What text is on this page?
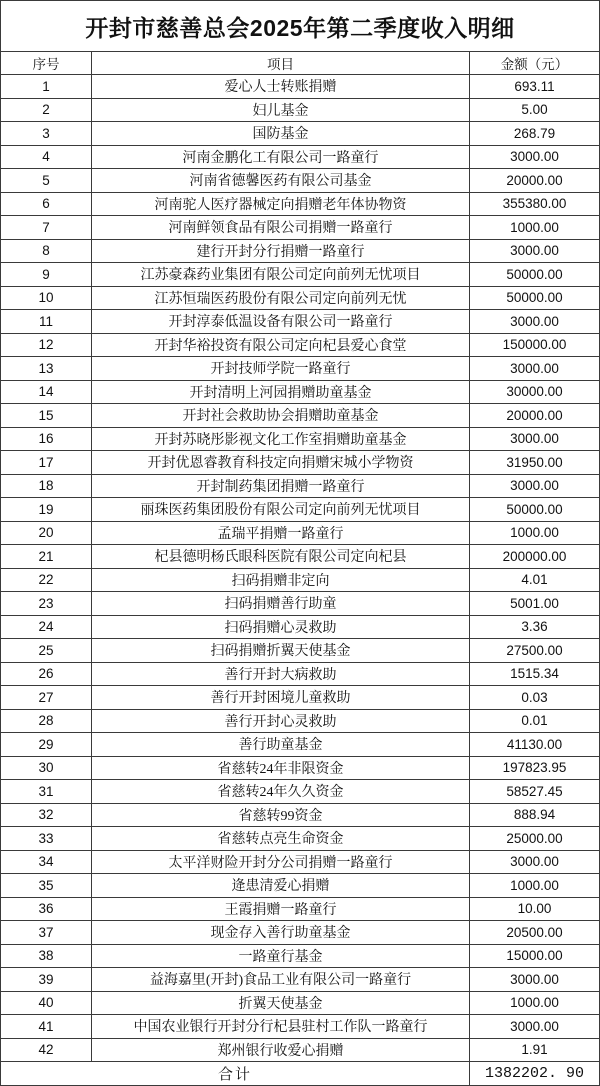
开封市慈善总会2025年第二季度收入明细
序号	项目	金额（元）
1	爱心人士转账捐赠	693.11
2	妇儿基金	5.00
3	国防基金	268.79
4	河南金鹏化工有限公司一路童行	3000.00
5	河南省德馨医药有限公司基金	20000.00
6	河南驼人医疗器械定向捐赠老年体协物资	355380.00
7	河南鲜领食品有限公司捐赠一路童行	1000.00
8	建行开封分行捐赠一路童行	3000.00
9	江苏豪森药业集团有限公司定向前列无忧项目	50000.00
10	江苏恒瑞医药股份有限公司定向前列无忧	50000.00
11	开封淳泰低温设备有限公司一路童行	3000.00
12	开封华裕投资有限公司定向杞县爱心食堂	150000.00
13	开封技师学院一路童行	3000.00
14	开封清明上河园捐赠助童基金	30000.00
15	开封社会救助协会捐赠助童基金	20000.00
16	开封苏晓彤影视文化工作室捐赠助童基金	3000.00
17	开封优恩睿教育科技定向捐赠宋城小学物资	31950.00
18	开封制药集团捐赠一路童行	3000.00
19	丽珠医药集团股份有限公司定向前列无忧项目	50000.00
20	孟瑞平捐赠一路童行	1000.00
21	杞县德明杨氏眼科医院有限公司定向杞县	200000.00
22	扫码捐赠非定向	4.01
23	扫码捐赠善行助童	5001.00
24	扫码捐赠心灵救助	3.36
25	扫码捐赠折翼天使基金	27500.00
26	善行开封大病救助	1515.34
27	善行开封困境儿童救助	0.03
28	善行开封心灵救助	0.01
29	善行助童基金	41130.00
30	省慈转24年非限资金	197823.95
31	省慈转24年久久资金	58527.45
32	省慈转99资金	888.94
33	省慈转点亮生命资金	25000.00
34	太平洋财险开封分公司捐赠一路童行	3000.00
35	逄患清爱心捐赠	1000.00
36	王霞捐赠一路童行	10.00
37	现金存入善行助童基金	20500.00
38	一路童行基金	15000.00
39	益海嘉里(开封)食品工业有限公司一路童行	3000.00
40	折翼天使基金	1000.00
41	中国农业银行开封分行杞县驻村工作队一路童行	3000.00
42	郑州银行收爱心捐赠	1.91
合计	1382202. 90
